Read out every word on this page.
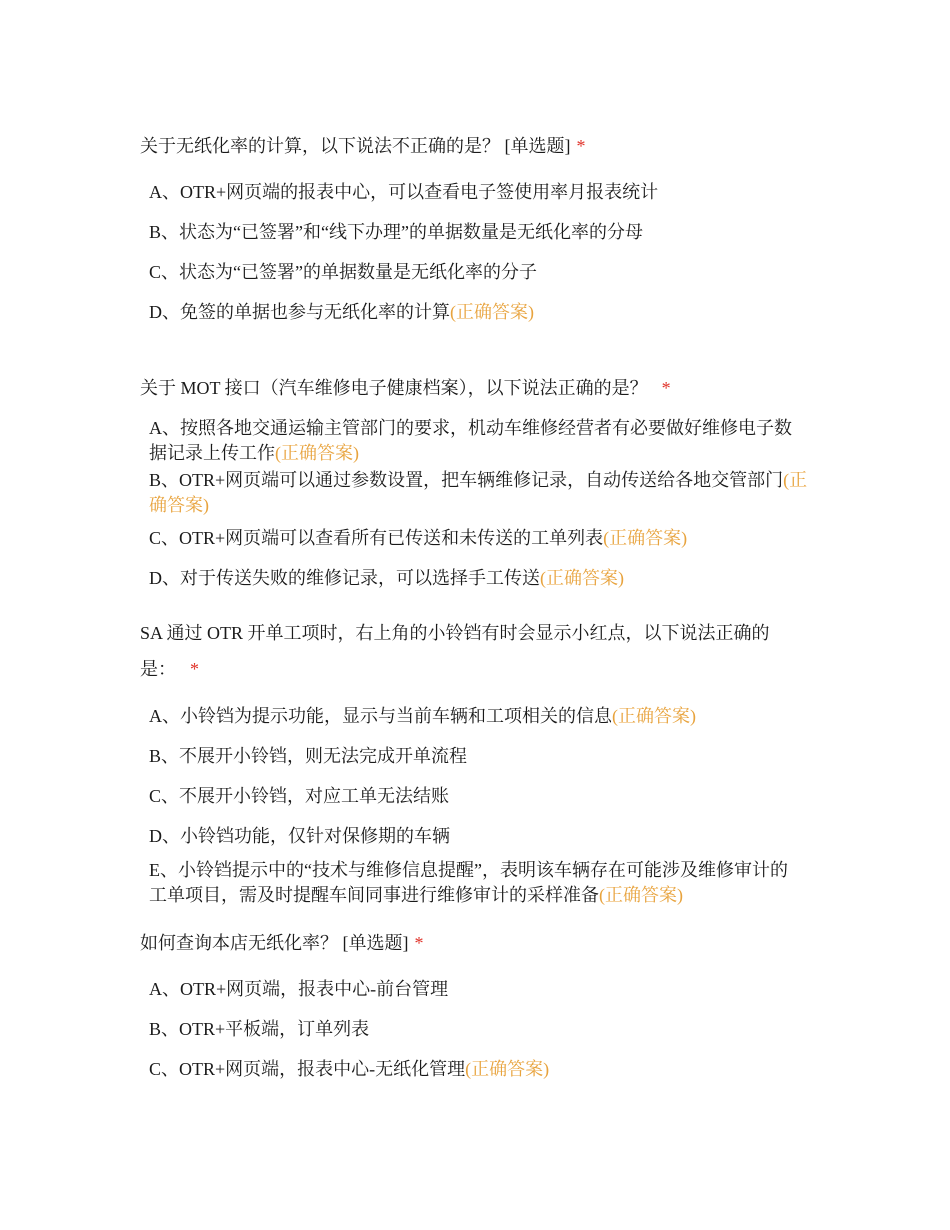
关于无纸化率的计算，以下说法不正确的是？ [单选题] *
A、OTR+网页端的报表中心，可以查看电子签使用率月报表统计
B、状态为“已签署”和“线下办理”的单据数量是无纸化率的分母
C、状态为“已签署”的单据数量是无纸化率的分子
D、免签的单据也参与无纸化率的计算(正确答案)
关于 MOT 接口（汽车维修电子健康档案），以下说法正确的是？ *
A、按照各地交通运输主管部门的要求，机动车维修经营者有必要做好维修电子数据记录上传工作(正确答案)
B、OTR+网页端可以通过参数设置，把车辆维修记录，自动传送给各地交管部门(正确答案)
C、OTR+网页端可以查看所有已传送和未传送的工单列表(正确答案)
D、对于传送失败的维修记录，可以选择手工传送(正确答案)
SA 通过 OTR 开单工项时，右上角的小铃铛有时会显示小红点，以下说法正确的是： *
A、小铃铛为提示功能，显示与当前车辆和工项相关的信息(正确答案)
B、不展开小铃铛，则无法完成开单流程
C、不展开小铃铛，对应工单无法结账
D、小铃铛功能，仅针对保修期的车辆
E、小铃铛提示中的“技术与维修信息提醒”，表明该车辆存在可能涉及维修审计的工单项目，需及时提醒车间同事进行维修审计的采样准备(正确答案)
如何查询本店无纸化率？ [单选题] *
A、OTR+网页端，报表中心-前台管理
B、OTR+平板端，订单列表
C、OTR+网页端，报表中心-无纸化管理(正确答案)
